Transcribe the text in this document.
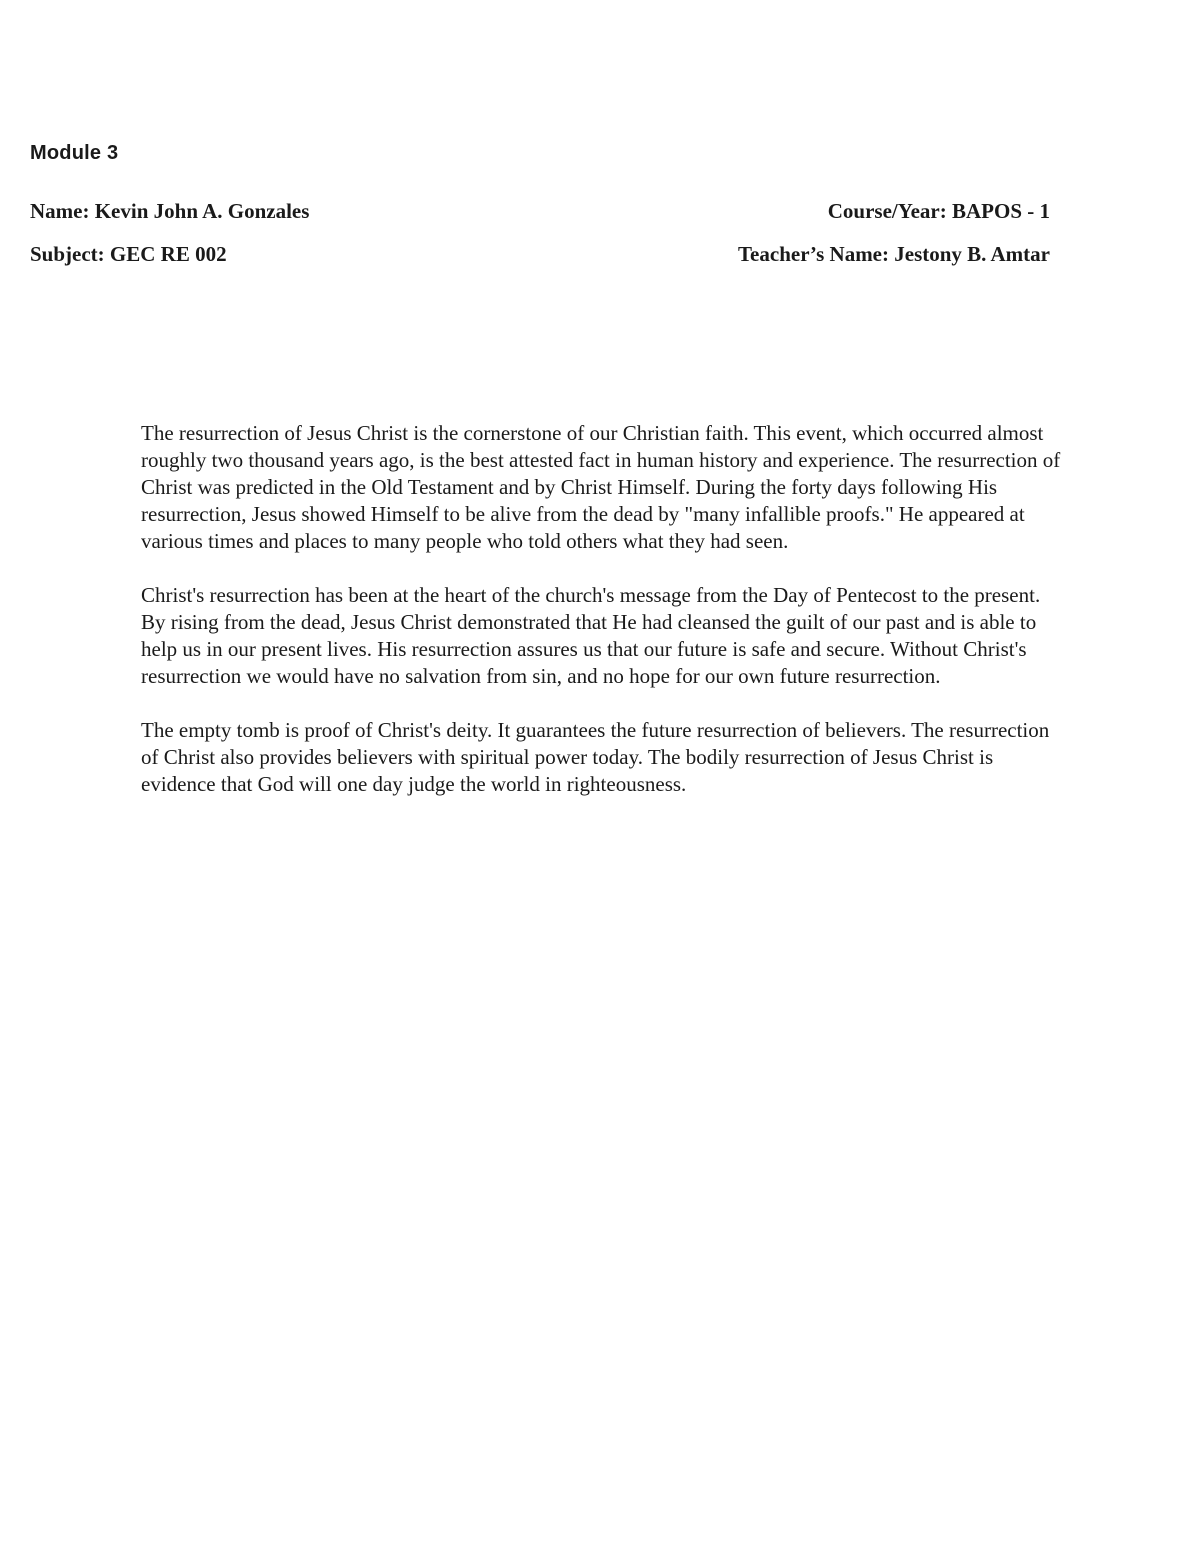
Module 3
Name: Kevin John A. Gonzales	Course/Year: BAPOS - 1
Subject: GEC RE 002	Teacher’s Name: Jestony B. Amtar

The resurrection of Jesus Christ is the cornerstone of our Christian faith. This event, which occurred almost roughly two thousand years ago, is the best attested fact in human history and experience. The resurrection of Christ was predicted in the Old Testament and by Christ Himself. During the forty days following His resurrection, Jesus showed Himself to be alive from the dead by "many infallible proofs." He appeared at various times and places to many people who told others what they had seen.

Christ's resurrection has been at the heart of the church's message from the Day of Pentecost to the present. By rising from the dead, Jesus Christ demonstrated that He had cleansed the guilt of our past and is able to help us in our present lives. His resurrection assures us that our future is safe and secure. Without Christ's resurrection we would have no salvation from sin, and no hope for our own future resurrection.

The empty tomb is proof of Christ's deity. It guarantees the future resurrection of believers. The resurrection of Christ also provides believers with spiritual power today. The bodily resurrection of Jesus Christ is evidence that God will one day judge the world in righteousness.
